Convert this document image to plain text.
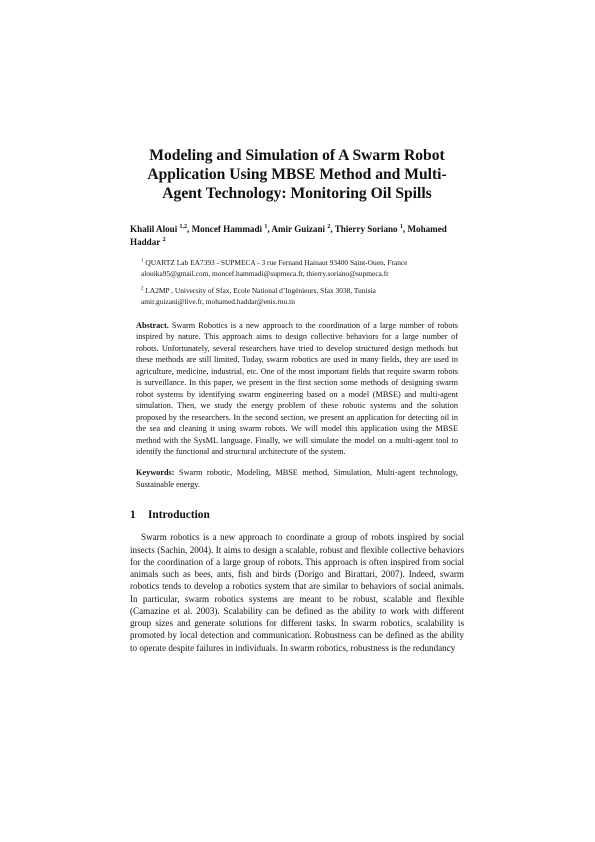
Modeling and Simulation of A Swarm Robot Application Using MBSE Method and Multi-Agent Technology: Monitoring Oil Spills
Khalil Aloui $^{1,2}$, Moncef Hammadi $^1$, Amir Guizani $^2$, Thierry Soriano $^1$, Mohamed Haddar $^2$
$^1$ QUARTZ Lab EA7393 - SUPMECA - 3 rue Fernand Hainaut 93400 Saint-Ouen, France
alouika95@gmail.com, moncef.hammadi@supmeca.fr, thierry.soriano@supmeca.fr
$^2$ LA2MP , University of Sfax, Ecole National d’Ingénieurs, Sfax 3038, Tunisia
amir.guizani@live.fr, mohamed.haddar@enis.rnu.tn
Abstract. Swarm Robotics is a new approach to the coordination of a large number of robots inspired by nature. This approach aims to design collective behaviors for a large number of robots. Unfortunately, several researchers have tried to develop structured design methods but these methods are still limited. Today, swarm robotics are used in many fields, they are used in agriculture, medicine, industrial, etc. One of the most important fields that require swarm robots is surveillance. In this paper, we present in the first section some methods of designing swarm robot systems by identifying swarm engineering based on a model (MBSE) and multi-agent simulation. Then, we study the energy problem of these robotic systems and the solution proposed by the researchers. In the second section, we present an application for detecting oil in the sea and cleaning it using swarm robots. We will model this application using the MBSE method with the SysML language. Finally, we will simulate the model on a multi-agent tool to identify the functional and structural architecture of the system.
Keywords: Swarm robotic, Modeling, MBSE method, Simulation, Multi-agent technology, Sustainable energy.
1 Introduction

Swarm robotics is a new approach to coordinate a group of robots inspired by social insects (Sachin, 2004). It aims to design a scalable, robust and flexible collective behaviors for the coordination of a large group of robots. This approach is often inspired from social animals such as bees, ants, fish and birds (Dorigo and Birattari, 2007). Indeed, swarm robotics tends to develop a robotics system that are similar to behaviors of social animals. In particular, swarm robotics systems are meant to be robust, scalable and flexible (Camazine et al. 2003). Scalability can be defined as the ability to work with different group sizes and generate solutions for different tasks. In swarm robotics, scalability is promoted by local detection and communication. Robustness can be defined as the ability to operate despite failures in individuals. In swarm robotics, robustness is the redundancy
